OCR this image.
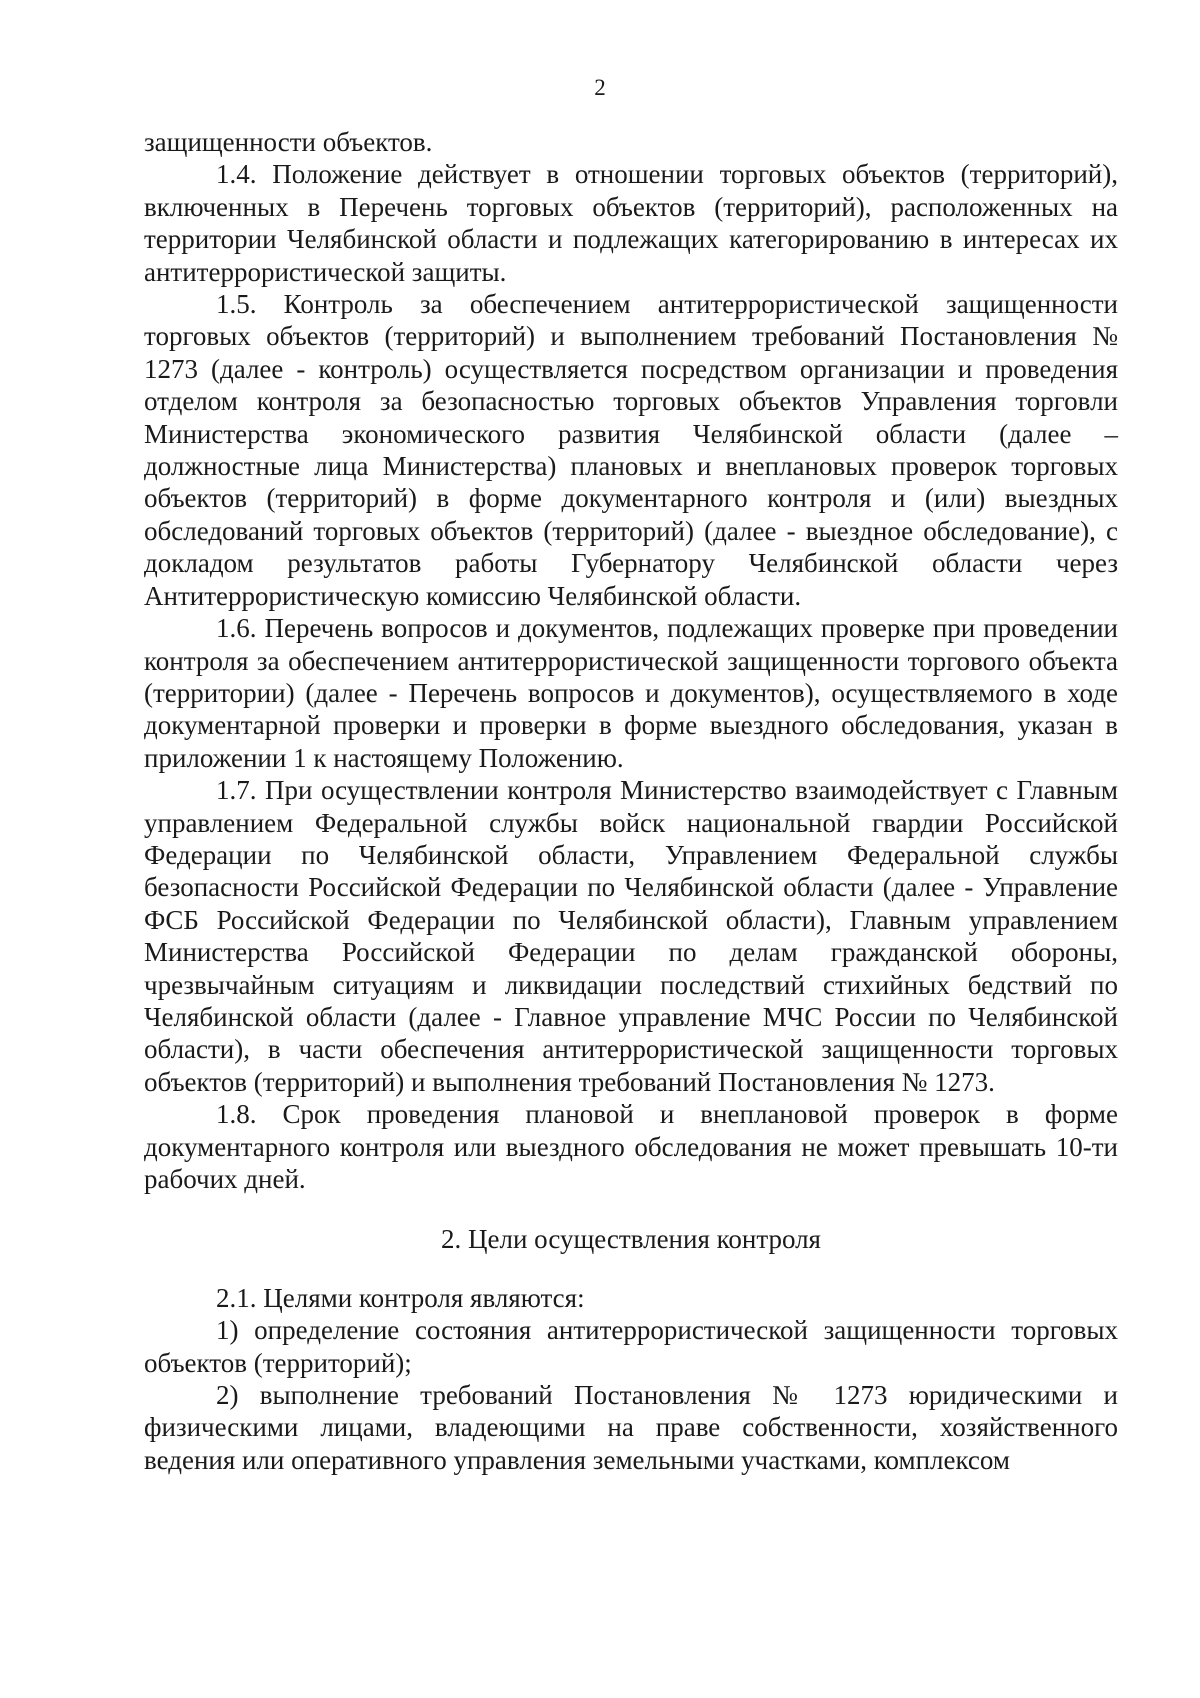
2

защищенности объектов.

1.4. Положение действует в отношении торговых объектов (территорий), включенных в Перечень торговых объектов (территорий), расположенных на территории Челябинской области и подлежащих категорированию в интересах их антитеррористической защиты.

1.5. Контроль за обеспечением антитеррористической защищенности торговых объектов (территорий) и выполнением требований Постановления № 1273 (далее - контроль) осуществляется посредством организации и проведения отделом контроля за безопасностью торговых объектов Управления торговли Министерства экономического развития Челябинской области (далее – должностные лица Министерства) плановых и внеплановых проверок торговых объектов (территорий) в форме документарного контроля и (или) выездных обследований торговых объектов (территорий) (далее - выездное обследование), с докладом результатов работы Губернатору Челябинской области через Антитеррористическую комиссию Челябинской области.

1.6. Перечень вопросов и документов, подлежащих проверке при проведении контроля за обеспечением антитеррористической защищенности торгового объекта (территории) (далее - Перечень вопросов и документов), осуществляемого в ходе документарной проверки и проверки в форме выездного обследования, указан в приложении 1 к настоящему Положению.

1.7. При осуществлении контроля Министерство взаимодействует с Главным управлением Федеральной службы войск национальной гвардии Российской Федерации по Челябинской области, Управлением Федеральной службы безопасности Российской Федерации по Челябинской области (далее - Управление ФСБ Российской Федерации по Челябинской области), Главным управлением Министерства Российской Федерации по делам гражданской обороны, чрезвычайным ситуациям и ликвидации последствий стихийных бедствий по Челябинской области (далее - Главное управление МЧС России по Челябинской области), в части обеспечения антитеррористической защищенности торговых объектов (территорий) и выполнения требований Постановления № 1273.

1.8. Срок проведения плановой и внеплановой проверок в форме документарного контроля или выездного обследования не может превышать 10-ти рабочих дней.

2. Цели осуществления контроля

2.1. Целями контроля являются:

1) определение состояния антитеррористической защищенности торговых объектов (территорий);

2) выполнение требований Постановления № 1273 юридическими и физическими лицами, владеющими на праве собственности, хозяйственного ведения или оперативного управления земельными участками, комплексом
